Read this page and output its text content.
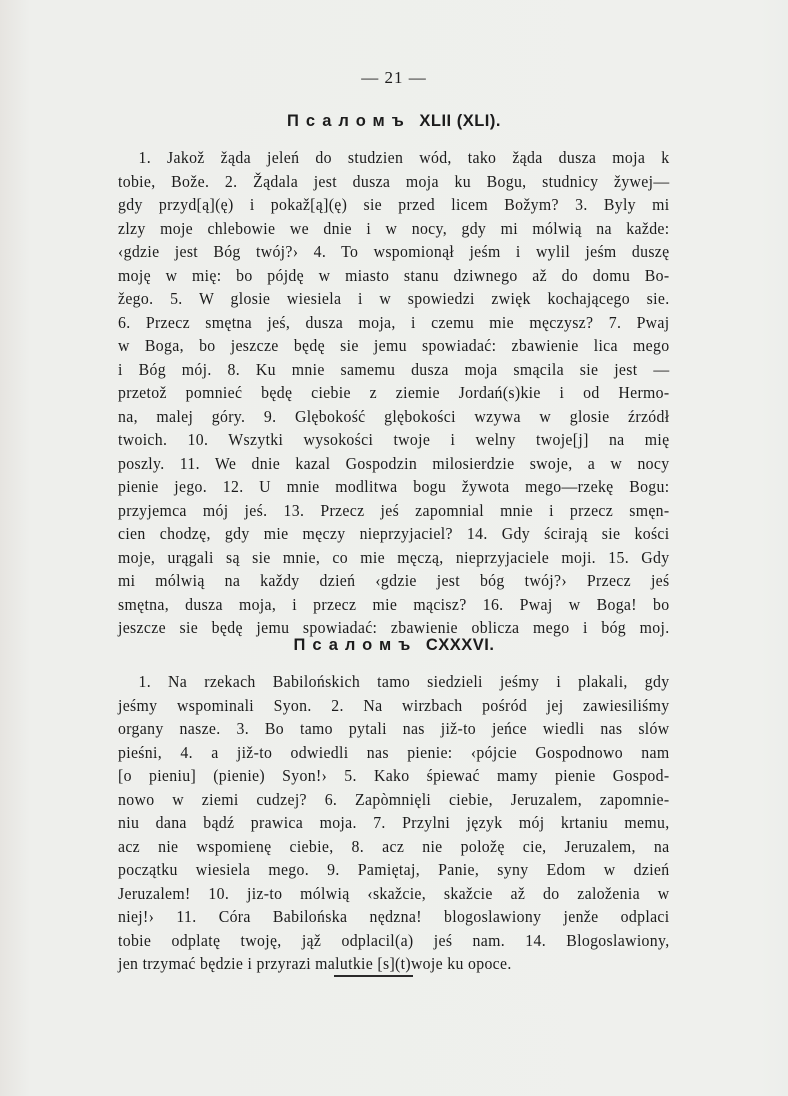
— 21 —
Псаломъ XLII (XLI).
1. Jakož žąda jeleń do studzien wód, tako žąda dusza moja k
tobie, Bože. 2. Žądala jest dusza moja ku Bogu, studnicy žywej—
gdy przyd[ą](ę) i pokaž[ą](ę) sie przed licem Božym? 3. Byly mi
zlzy moje chlebowie we dnie i w nocy, gdy mi mólwią na každe:
‹gdzie jest Bóg twój?› 4. To wspomionął jeśm i wylil jeśm duszę
moję w mię: bo pójdę w miasto stanu dziwnego až do domu Bo-
žego. 5. W glosie wiesiela i w spowiedzi zwięk kochającego sie.
6. Przecz smętna jeś, dusza moja, i czemu mie męczysz? 7. Pwaj
w Boga, bo jeszcze będę sie jemu spowiadać: zbawienie lica mego
i Bóg mój. 8. Ku mnie samemu dusza moja smącila sie jest —
przetož pomnieć będę ciebie z ziemie Jordań(s)kie i od Hermo-
na, malej góry. 9. Glębokość glębokości wzywa w glosie źrzódł
twoich. 10. Wszytki wysokości twoje i welny twoje[j] na mię
poszly. 11. We dnie kazal Gospodzin milosierdzie swoje, a w nocy
pienie jego. 12. U mnie modlitwa bogu žywota mego—rzekę Bogu:
przyjemca mój jeś. 13. Przecz jeś zapomnial mnie i przecz smęn-
cien chodzę, gdy mie męczy nieprzyjaciel? 14. Gdy ścirają sie kości
moje, urągali są sie mnie, co mie męczą, nieprzyjaciele moji. 15. Gdy
mi mólwią na každy dzień ‹gdzie jest bóg twój?› Przecz jeś
smętna, dusza moja, i przecz mie mącisz? 16. Pwaj w Boga! bo
jeszcze sie będę jemu spowiadać: zbawienie oblicza mego i bóg moj.
Псаломъ CXXXVI.
1. Na rzekach Babilońskich tamo siedzieli jeśmy i plakali, gdy
jeśmy wspominali Syon. 2. Na wirzbach pośród jej zawiesiliśmy
organy nasze. 3. Bo tamo pytali nas již-to jeńce wiedli nas slów
pieśni, 4. a již-to odwiedli nas pienie: ‹pójcie Gospodnowo nam
[o pieniu] (pienie) Syon!› 5. Kako śpiewać mamy pienie Gospod-
nowo w ziemi cudzej? 6. Zapòmnięli ciebie, Jeruzalem, zapomnie-
niu dana bądź prawica moja. 7. Przylni język mój krtaniu memu,
acz nie wspomienę ciebie, 8. acz nie položę cie, Jeruzalem, na
początku wiesiela mego. 9. Pamiętaj, Panie, syny Edom w dzień
Jeruzalem! 10. jiz-to mólwią ‹skažcie, skažcie až do založenia w
niej!› 11. Córa Babilońska nędzna! blogoslawiony jenže odplaci
tobie odplatę twoję, jąž odplacil(a) jeś nam. 14. Blogoslawiony,
jen trzymać będzie i przyrazi malutkie [s](t)woje ku opoce.
